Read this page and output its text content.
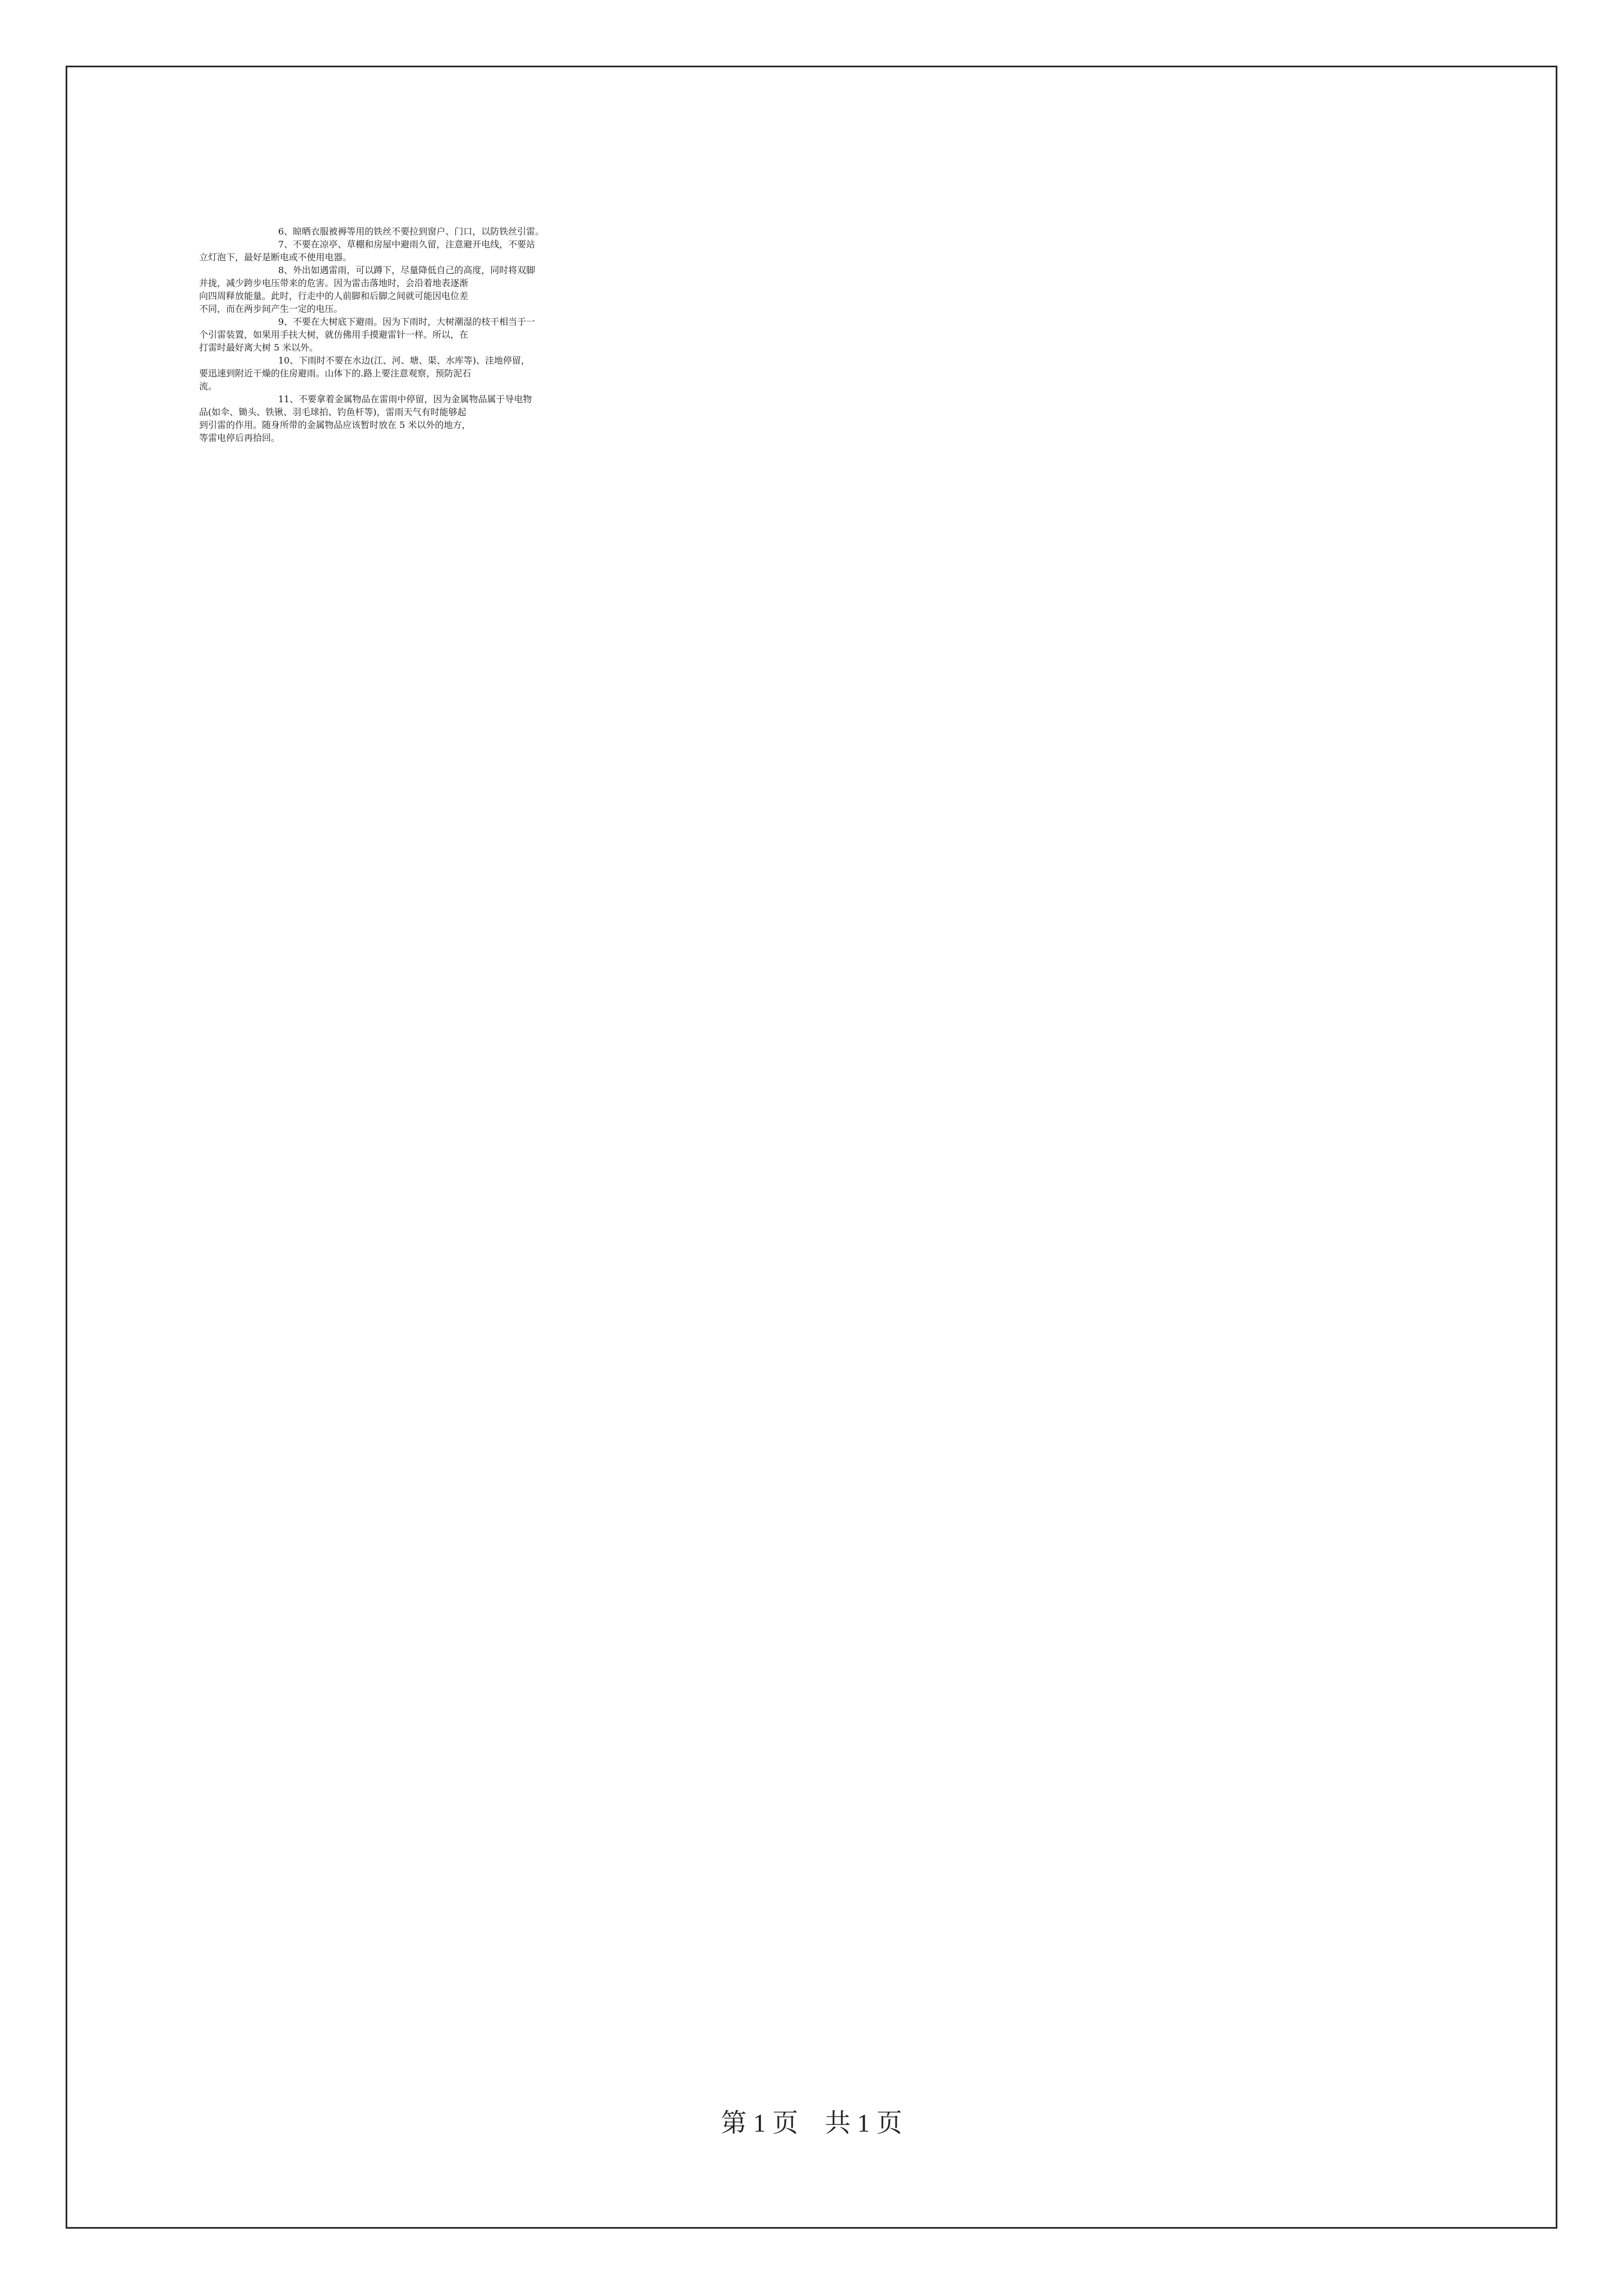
6、晾晒衣服被褥等用的铁丝不要拉到窗户、门口，以防铁丝引雷。
7、不要在凉亭、草棚和房屋中避雨久留，注意避开电线，不要站
立灯泡下，最好是断电或不使用电器。
8、外出如遇雷雨，可以蹲下，尽量降低自己的高度，同时将双脚
并拢，减少跨步电压带来的危害。因为雷击落地时，会沿着地表逐渐
向四周释放能量。此时，行走中的人前脚和后脚之间就可能因电位差
不同，而在两步间产生一定的电压。
9、不要在大树底下避雨。因为下雨时，大树潮湿的枝干相当于一
个引雷装置，如果用手扶大树，就仿佛用手摸避雷针一样。所以，在
打雷时最好离大树 5 米以外。
10、下雨时不要在水边(江、河、塘、渠、水库等)、洼地停留，
要迅速到附近干燥的住房避雨。山体下的.路上要注意观察，预防泥石
流。
11、不要拿着金属物品在雷雨中停留，因为金属物品属于导电物
品(如伞、锄头、铁锹、羽毛球拍、钓鱼杆等)，雷雨天气有时能够起
到引雷的作用。随身所带的金属物品应该暂时放在 5 米以外的地方，
等雷电停后再拾回。
第 1 页 共 1 页
